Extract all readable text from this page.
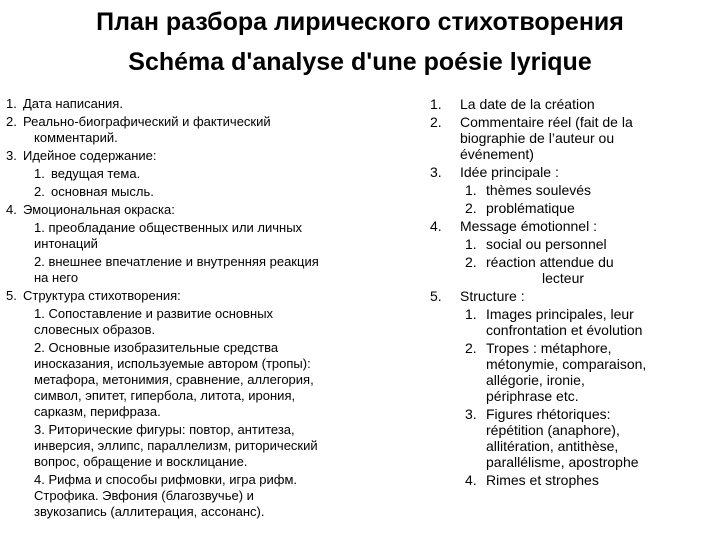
План разбора лирического стихотворения
Schéma d'analyse d'une poésie lyrique
1. Дата написания.
2. Реально-биографический и фактический
комментарий.
3. Идейное содержание:
1. ведущая тема.
2. основная мысль.
4. Эмоциональная окраска:
1. преобладание общественных или личных
интонаций
2. внешнее впечатление и внутренняя реакция
на него
5. Структура стихотворения:
1. Сопоставление и развитие основных
словесных образов.
2. Основные изобразительные средства
иносказания, используемые автором (тропы):
метафора, метонимия, сравнение, аллегория,
символ, эпитет, гипербола, литота, ирония,
сарказм, перифраза.
3. Риторические фигуры: повтор, антитеза,
инверсия, эллипс, параллелизм, риторический
вопрос, обращение и восклицание.
4. Рифма и способы рифмовки, игра рифм.
Строфика. Эвфония (благозвучье) и
звукозапись (аллитерация, ассонанс).
1.	La date de la création
2.	Commentaire réel (fait de la
biographie de l’auteur ou
événement)
3.	Idée principale :
1. thèmes soulevés
2. problématique
4.	Message émotionnel :
1. social ou personnel
2. réaction attendue du
lecteur
5.	Structure :
1. Images principales, leur
confrontation et évolution
2. Tropes : métaphore,
métonymie, comparaison,
allégorie, ironie,
périphrase etc.
3. Figures rhétoriques:
répétition (anaphore),
allitération, antithèse,
parallélisme, apostrophe
4. Rimes et strophes
